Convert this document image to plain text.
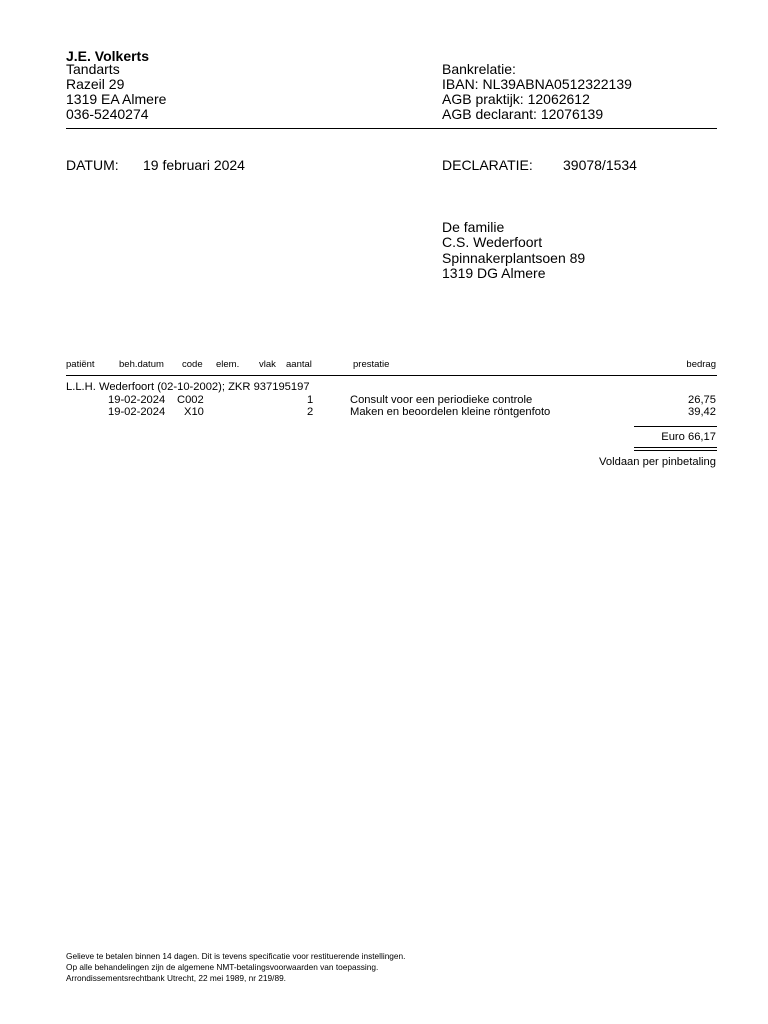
J.E. Volkerts
Tandarts
Razeil 29
1319 EA Almere
036-5240274
Bankrelatie:
IBAN: NL39ABNA0512322139
AGB praktijk: 12062612
AGB declarant: 12076139
DATUM: 19 februari 2024	DECLARATIE: 39078/1534
De familie
C.S. Wederfoort
Spinnakerplantsoen 89
1319 DG Almere
patiënt	beh.datum code elem. vlak aantal	prestatie	bedrag
L.L.H. Wederfoort (02-10-2002); ZKR 937195197
19-02-2024 C002	1	Consult voor een periodieke controle	26,75
19-02-2024 X10	2	Maken en beoordelen kleine röntgenfoto	39,42
Euro 66,17
Voldaan per pinbetaling
Gelieve te betalen binnen 14 dagen. Dit is tevens specificatie voor restituerende instellingen.
Op alle behandelingen zijn de algemene NMT-betalingsvoorwaarden van toepassing.
Arrondissementsrechtbank Utrecht, 22 mei 1989, nr 219/89.
